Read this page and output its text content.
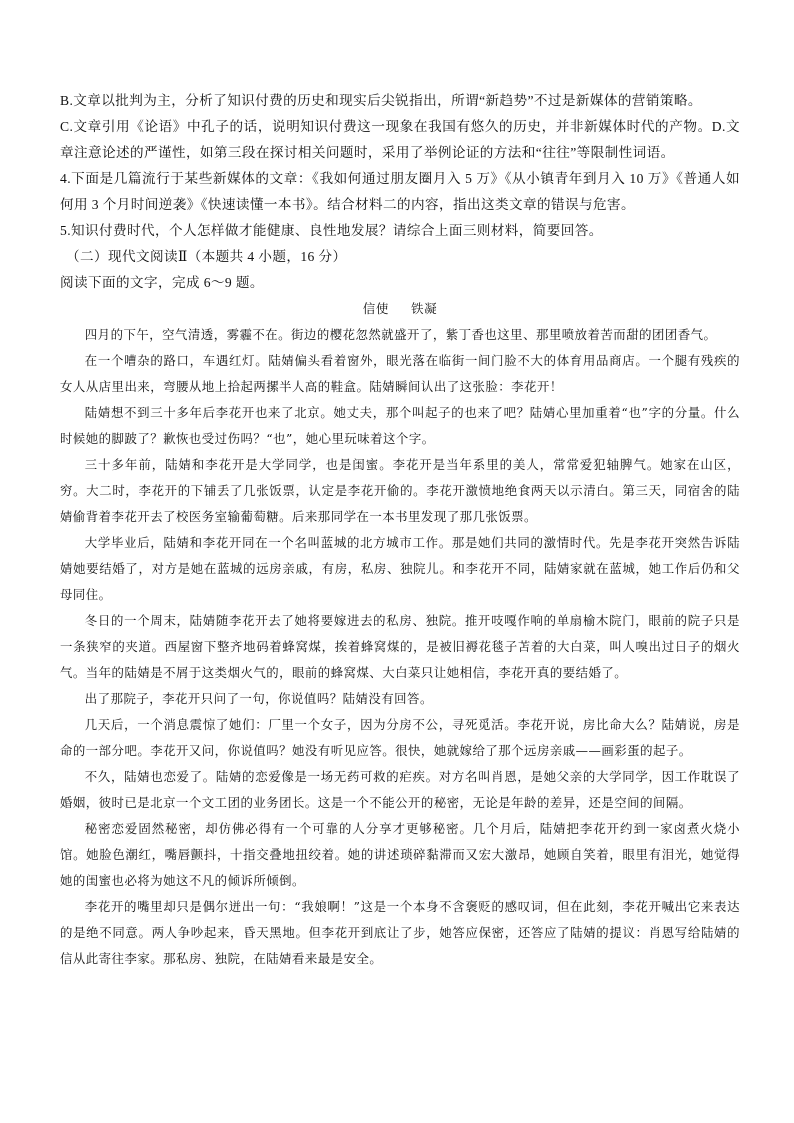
B.文章以批判为主，分析了知识付费的历史和现实后尖锐指出，所谓“新趋势”不过是新媒体的营销策略。

C.文章引用《论语》中孔子的话，说明知识付费这一现象在我国有悠久的历史，并非新媒体时代的产物。D.文章注意论述的严谨性，如第三段在探讨相关问题时，采用了举例论证的方法和“往往”等限制性词语。

4.下面是几篇流行于某些新媒体的文章：《我如何通过朋友圈月入 5 万》《从小镇青年到月入 10 万》《普通人如何用 3 个月时间逆袭》《快速读懂一本书》。结合材料二的内容，指出这类文章的错误与危害。

5.知识付费时代，个人怎样做才能健康、良性地发展？请综合上面三则材料，简要回答。

（二）现代文阅读Ⅱ（本题共 4 小题，16 分）

阅读下面的文字，完成 6～9 题。

信使 铁凝

四月的下午，空气清透，雾霾不在。街边的樱花忽然就盛开了，紫丁香也这里、那里喷放着苦而甜的团团香气。

在一个嘈杂的路口，车遇红灯。陆婧偏头看着窗外，眼光落在临街一间门脸不大的体育用品商店。一个腿有残疾的女人从店里出来，弯腰从地上拾起两摞半人高的鞋盒。陆婧瞬间认出了这张脸：李花开！

陆婧想不到三十多年后李花开也来了北京。她丈夫，那个叫起子的也来了吧？陆婧心里加重着“也”字的分量。什么时候她的脚跛了？歉恢也受过伤吗？“也”，她心里玩味着这个字。

三十多年前，陆婧和李花开是大学同学，也是闺蜜。李花开是当年系里的美人，常常爱犯轴脾气。她家在山区，穷。大二时，李花开的下铺丢了几张饭票，认定是李花开偷的。李花开激愤地绝食两天以示清白。第三天，同宿舍的陆婧偷背着李花开去了校医务室输葡萄糖。后来那同学在一本书里发现了那几张饭票。

大学毕业后，陆婧和李花开同在一个名叫蓝城的北方城市工作。那是她们共同的激情时代。先是李花开突然告诉陆婧她要结婚了，对方是她在蓝城的远房亲戚，有房，私房、独院儿。和李花开不同，陆婧家就在蓝城，她工作后仍和父母同住。

冬日的一个周末，陆婧随李花开去了她将要嫁进去的私房、独院。推开吱嘎作响的单扇榆木院门，眼前的院子只是一条狭窄的夹道。西屋窗下整齐地码着蜂窝煤，挨着蜂窝煤的，是被旧褥花毯子苫着的大白菜，叫人嗅出过日子的烟火气。当年的陆婧是不屑于这类烟火气的，眼前的蜂窝煤、大白菜只让她相信，李花开真的要结婚了。

出了那院子，李花开只问了一句，你说值吗？陆婧没有回答。

几天后，一个消息震惊了她们：厂里一个女子，因为分房不公，寻死觅活。李花开说，房比命大么？陆婧说，房是命的一部分吧。李花开又问，你说值吗？她没有听见应答。很快，她就嫁给了那个远房亲戚——画彩蛋的起子。

不久，陆婧也恋爱了。陆婧的恋爱像是一场无药可救的疟疾。对方名叫肖恩，是她父亲的大学同学，因工作耽误了婚姻，彼时已是北京一个文工团的业务团长。这是一个不能公开的秘密，无论是年龄的差异，还是空间的间隔。

秘密恋爱固然秘密，却仿佛必得有一个可靠的人分享才更够秘密。几个月后，陆婧把李花开约到一家卤煮火烧小馆。她脸色潮红，嘴唇颤抖，十指交叠地扭绞着。她的讲述琐碎黏滞而又宏大激昂，她顾自笑着，眼里有泪光，她觉得她的闺蜜也必将为她这不凡的倾诉所倾倒。

李花开的嘴里却只是偶尔迸出一句：“我娘啊！”这是一个本身不含褒贬的感叹词，但在此刻，李花开喊出它来表达的是绝不同意。两人争吵起来，昏天黑地。但李花开到底让了步，她答应保密，还答应了陆婧的提议：肖恩写给陆婧的信从此寄往李家。那私房、独院，在陆婧看来最是安全。
